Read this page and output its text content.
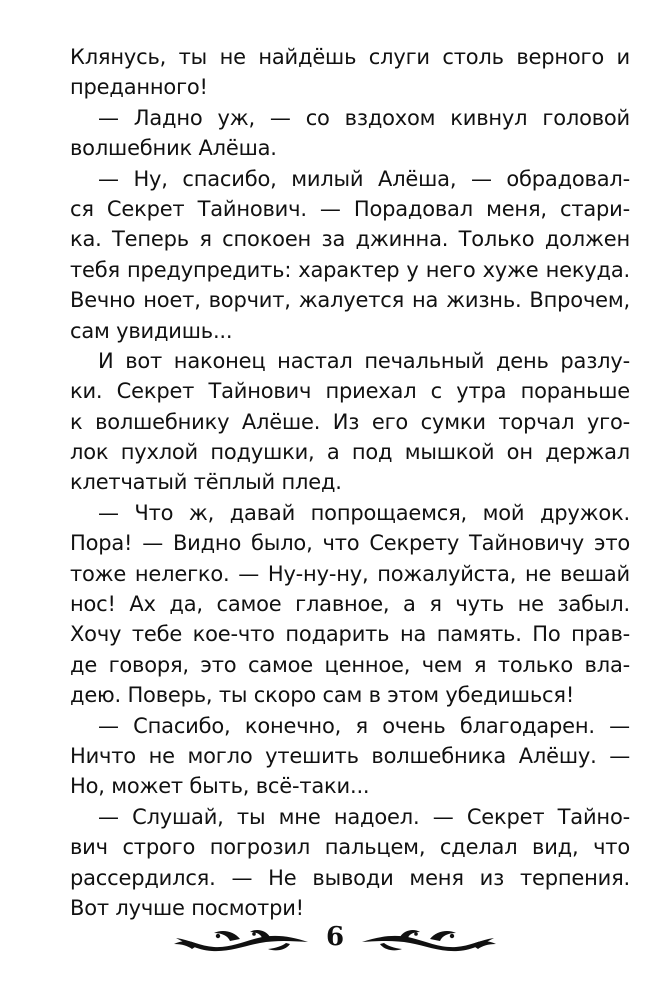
Клянусь, ты не найдёшь слуги столь верного и
преданного!
— Ладно уж, — со вздохом кивнул головой
волшебник Алёша.
— Ну, спасибо, милый Алёша, — обрадовал-
ся Секрет Тайнович. — Порадовал меня, стари-
ка. Теперь я спокоен за джинна. Только должен
тебя предупредить: характер у него хуже некуда.
Вечно ноет, ворчит, жалуется на жизнь. Впрочем,
сам увидишь...
И вот наконец настал печальный день разлу-
ки. Секрет Тайнович приехал с утра пораньше
к волшебнику Алёше. Из его сумки торчал уго-
лок пухлой подушки, а под мышкой он держал
клетчатый тёплый плед.
— Что ж, давай попрощаемся, мой дружок.
Пора! — Видно было, что Секрету Тайновичу это
тоже нелегко. — Ну-ну-ну, пожалуйста, не вешай
нос! Ах да, самое главное, а я чуть не забыл.
Хочу тебе кое-что подарить на память. По прав-
де говоря, это самое ценное, чем я только вла-
дею. Поверь, ты скоро сам в этом убедишься!
— Спасибо, конечно, я очень благодарен. —
Ничто не могло утешить волшебника Алёшу. —
Но, может быть, всё-таки...
— Слушай, ты мне надоел. — Секрет Тайно-
вич строго погрозил пальцем, сделал вид, что
рассердился. — Не выводи меня из терпения.
Вот лучше посмотри!
6
